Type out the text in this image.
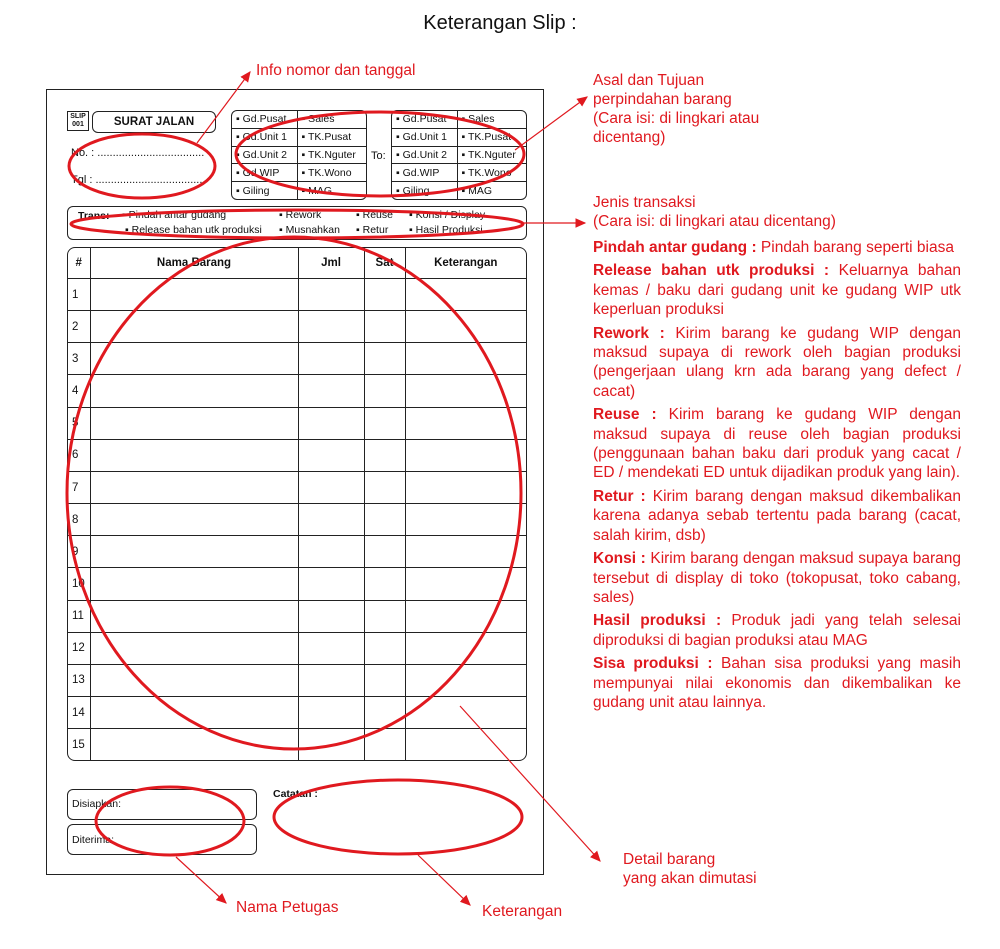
Keterangan Slip :
SLIP
001	SURAT JALAN
No. : ...................................
Tgl : ...................................
▪ Gd.Pusat	▪ Sales
▪ Gd.Unit 1	▪ TK.Pusat
▪ Gd.Unit 2	▪ TK.Nguter
▪ Gd.WIP	▪ TK.Wono
▪ Giling	▪ MAG
To:
▪ Gd.Pusat	▪ Sales
▪ Gd.Unit 1	▪ TK.Pusat
▪ Gd.Unit 2	▪ TK.Nguter
▪ Gd.WIP	▪ TK.Wono
▪ Giling	▪ MAG
Trans: ▪ Pindah antar gudang	▪ Rework	▪ Reuse ▪ Konsi / Display
▪ Release bahan utk produksi ▪ Musnahkan ▪ Retur ▪ Hasil Produksi
#	Nama Barang	Jml	Sat	Keterangan
1				
2				
3				
4				
5				
6				
7				
8				
9				
10				
11				
12				
13				
14				
15				
Disiapkan:
Diterima:
Catatan :
Info nomor dan tanggal
Asal dan Tujuan
perpindahan barang
(Cara isi: di lingkari atau
dicentang)
Jenis transaksi
(Cara isi: di lingkari atau dicentang)
Pindah antar gudang : Pindah barang seperti biasa
Release bahan utk produksi : Keluarnya bahan kemas / baku dari gudang unit ke gudang WIP utk keperluan produksi
Rework : Kirim barang ke gudang WIP dengan maksud supaya di rework oleh bagian produksi (pengerjaan ulang krn ada barang yang defect / cacat)
Reuse : Kirim barang ke gudang WIP dengan maksud supaya di reuse oleh bagian produksi (penggunaan bahan baku dari produk yang cacat / ED / mendekati ED untuk dijadikan produk yang lain).
Retur : Kirim barang dengan maksud dikembalikan karena adanya sebab tertentu pada barang (cacat, salah kirim, dsb)
Konsi : Kirim barang dengan maksud supaya barang tersebut di display di toko (tokopusat, toko cabang, sales)
Hasil produksi : Produk jadi yang telah selesai diproduksi di bagian produksi atau MAG
Sisa produksi : Bahan sisa produksi yang masih mempunyai nilai ekonomis dan dikembalikan ke gudang unit atau lainnya.
Detail barang
yang akan dimutasi
Nama Petugas	Keterangan
